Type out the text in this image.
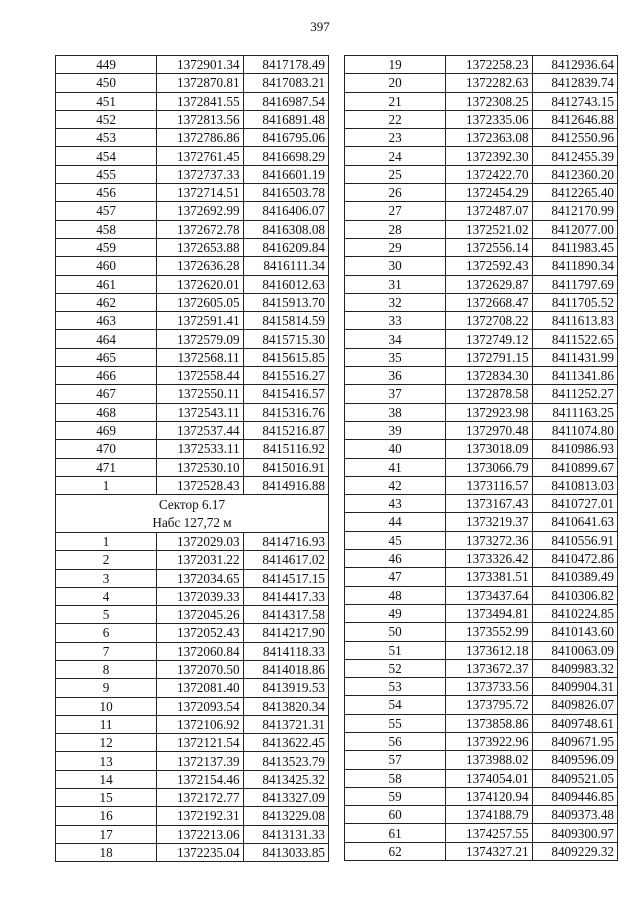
397
449	1372901.34	8417178.49
450	1372870.81	8417083.21
451	1372841.55	8416987.54
452	1372813.56	8416891.48
453	1372786.86	8416795.06
454	1372761.45	8416698.29
455	1372737.33	8416601.19
456	1372714.51	8416503.78
457	1372692.99	8416406.07
458	1372672.78	8416308.08
459	1372653.88	8416209.84
460	1372636.28	8416111.34
461	1372620.01	8416012.63
462	1372605.05	8415913.70
463	1372591.41	8415814.59
464	1372579.09	8415715.30
465	1372568.11	8415615.85
466	1372558.44	8415516.27
467	1372550.11	8415416.57
468	1372543.11	8415316.76
469	1372537.44	8415216.87
470	1372533.11	8415116.92
471	1372530.10	8415016.91
1	1372528.43	8414916.88
Сектор 6.17		
Набс 127,72 м		
1	1372029.03	8414716.93
2	1372031.22	8414617.02
3	1372034.65	8414517.15
4	1372039.33	8414417.33
5	1372045.26	8414317.58
6	1372052.43	8414217.90
7	1372060.84	8414118.33
8	1372070.50	8414018.86
9	1372081.40	8413919.53
10	1372093.54	8413820.34
11	1372106.92	8413721.31
12	1372121.54	8413622.45
13	1372137.39	8413523.79
14	1372154.46	8413425.32
15	1372172.77	8413327.09
16	1372192.31	8413229.08
17	1372213.06	8413131.33
18	1372235.04	8413033.85
19	1372258.23	8412936.64
20	1372282.63	8412839.74
21	1372308.25	8412743.15
22	1372335.06	8412646.88
23	1372363.08	8412550.96
24	1372392.30	8412455.39
25	1372422.70	8412360.20
26	1372454.29	8412265.40
27	1372487.07	8412170.99
28	1372521.02	8412077.00
29	1372556.14	8411983.45
30	1372592.43	8411890.34
31	1372629.87	8411797.69
32	1372668.47	8411705.52
33	1372708.22	8411613.83
34	1372749.12	8411522.65
35	1372791.15	8411431.99
36	1372834.30	8411341.86
37	1372878.58	8411252.27
38	1372923.98	8411163.25
39	1372970.48	8411074.80
40	1373018.09	8410986.93
41	1373066.79	8410899.67
42	1373116.57	8410813.03
43	1373167.43	8410727.01
44	1373219.37	8410641.63
45	1373272.36	8410556.91
46	1373326.42	8410472.86
47	1373381.51	8410389.49
48	1373437.64	8410306.82
49	1373494.81	8410224.85
50	1373552.99	8410143.60
51	1373612.18	8410063.09
52	1373672.37	8409983.32
53	1373733.56	8409904.31
54	1373795.72	8409826.07
55	1373858.86	8409748.61
56	1373922.96	8409671.95
57	1373988.02	8409596.09
58	1374054.01	8409521.05
59	1374120.94	8409446.85
60	1374188.79	8409373.48
61	1374257.55	8409300.97
62	1374327.21	8409229.32
